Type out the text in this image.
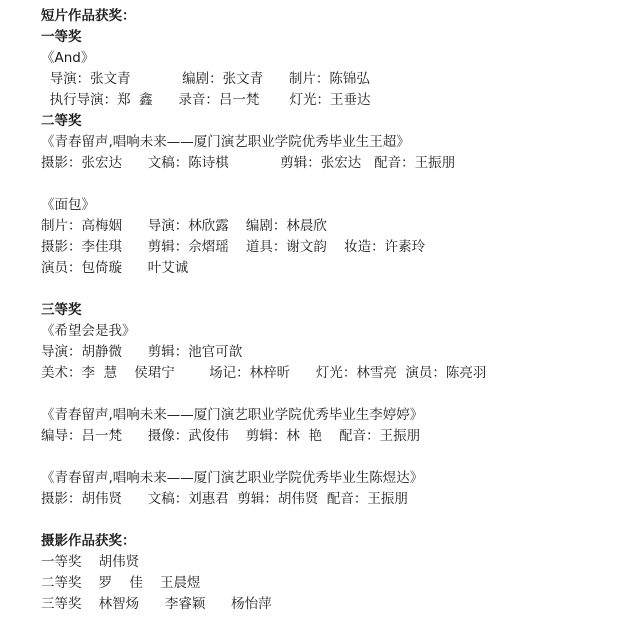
短片作品获奖：
一等奖
《And》
导演：张文青            编剧：张文青      制片：陈锦弘
执行导演：郑  鑫      录音：吕一梵       灯光：王垂达
二等奖
《青春留声,唱响未来——厦门演艺职业学院优秀毕业生王超》
摄影：张宏达      文稿：陈诗棋            剪辑：张宏达   配音：王振朋
《面包》
制片：高梅姻      导演：林欣露    编剧：林晨欣
摄影：李佳琪      剪辑：佘熠瑶    道具：谢文韵    妆造：许素玲
演员：包倚璇      叶艾诚
三等奖
《希望会是我》
导演：胡静微      剪辑：池官可歆
美术：李  慧    侯珺宁        场记：林梓昕      灯光：林雪亮  演员：陈亮羽
《青春留声,唱响未来——厦门演艺职业学院优秀毕业生李婷婷》
编导：吕一梵      摄像：武俊伟    剪辑：林  艳    配音：王振朋
《青春留声,唱响未来——厦门演艺职业学院优秀毕业生陈煜达》
摄影：胡伟贤      文稿：刘惠君  剪辑：胡伟贤  配音：王振朋
摄影作品获奖：
一等奖    胡伟贤
二等奖    罗    佳    王晨煜
三等奖    林智炀      李睿颖      杨怡萍
